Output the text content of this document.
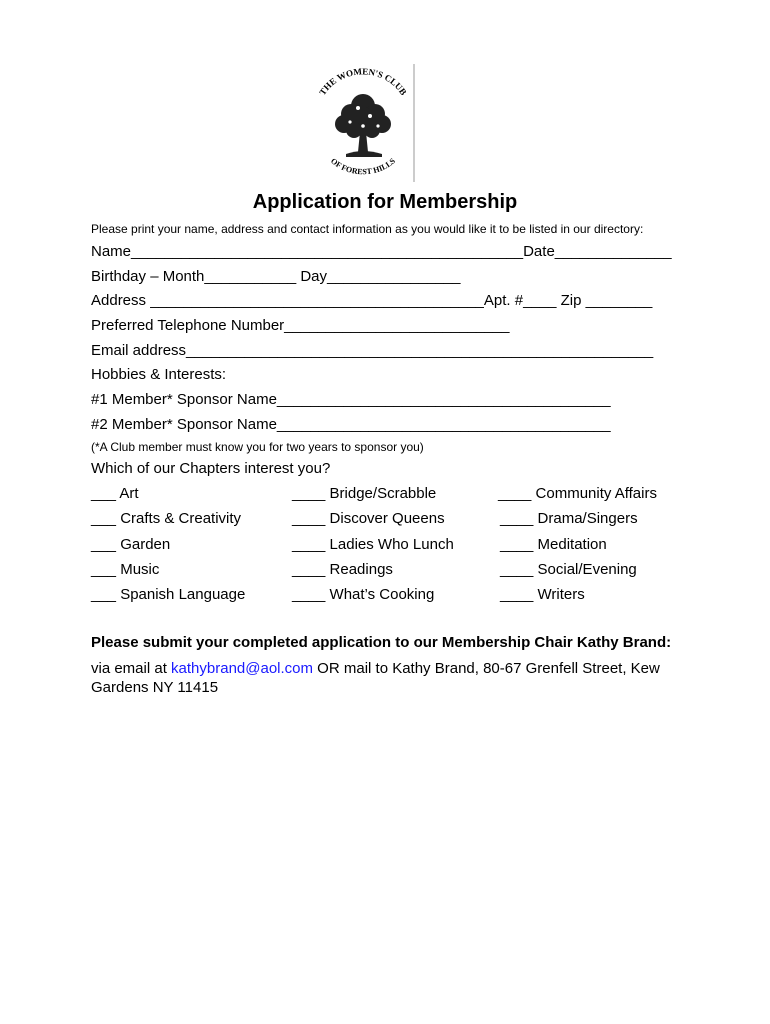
THE WOMEN'S CLUB
OF FOREST HILLS
Application for Membership
Please print your name, address and contact information as you would like it to be listed in our directory:
Name_______________________________________________Date______________
Birthday – Month___________ Day________________
Address ________________________________________Apt. #____ Zip ________
Preferred Telephone Number___________________________
Email address________________________________________________________
Hobbies & Interests:
#1 Member* Sponsor Name________________________________________
#2 Member* Sponsor Name________________________________________
(*A Club member must know you for two years to sponsor you)
Which of our Chapters interest you?
___ Art
___ Crafts & Creativity
___ Garden
___ Music
___ Spanish Language
____ Bridge/Scrabble
____ Discover Queens
____ Ladies Who Lunch
____ Readings
____ What’s Cooking
____ Community Affairs
____ Drama/Singers
____ Meditation
____ Social/Evening
____ Writers
Please submit your completed application to our Membership Chair Kathy Brand:
via email at kathybrand@aol.com OR mail to Kathy Brand, 80-67 Grenfell Street, Kew Gardens NY 11415
